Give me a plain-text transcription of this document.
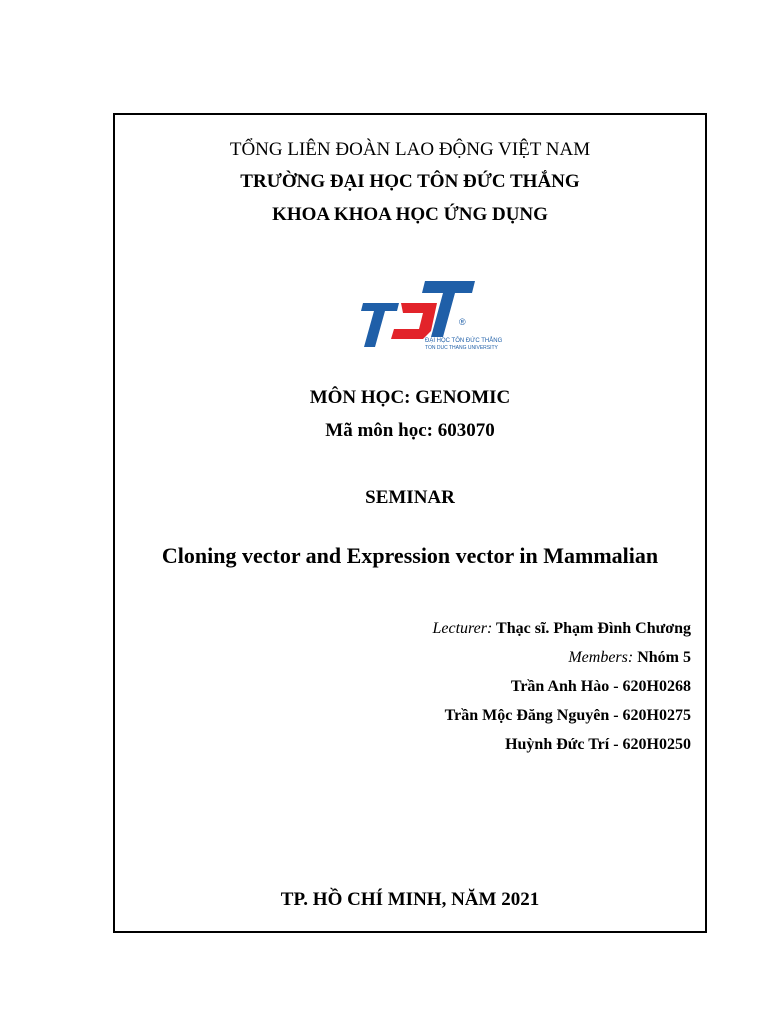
TỔNG LIÊN ĐOÀN LAO ĐỘNG VIỆT NAM
TRƯỜNG ĐẠI HỌC TÔN ĐỨC THẮNG
KHOA KHOA HỌC ỨNG DỤNG
®
ĐẠI HỌC TÔN ĐỨC THẮNG
TON DUC THANG UNIVERSITY
MÔN HỌC: GENOMIC
Mã môn học: 603070
SEMINAR
Cloning vector and Expression vector in Mammalian
Lecturer: Thạc sĩ. Phạm Đình Chương
Members: Nhóm 5
Trần Anh Hào - 620H0268
Trần Mộc Đăng Nguyên - 620H0275
Huỳnh Đức Trí - 620H0250
TP. HỒ CHÍ MINH, NĂM 2021
